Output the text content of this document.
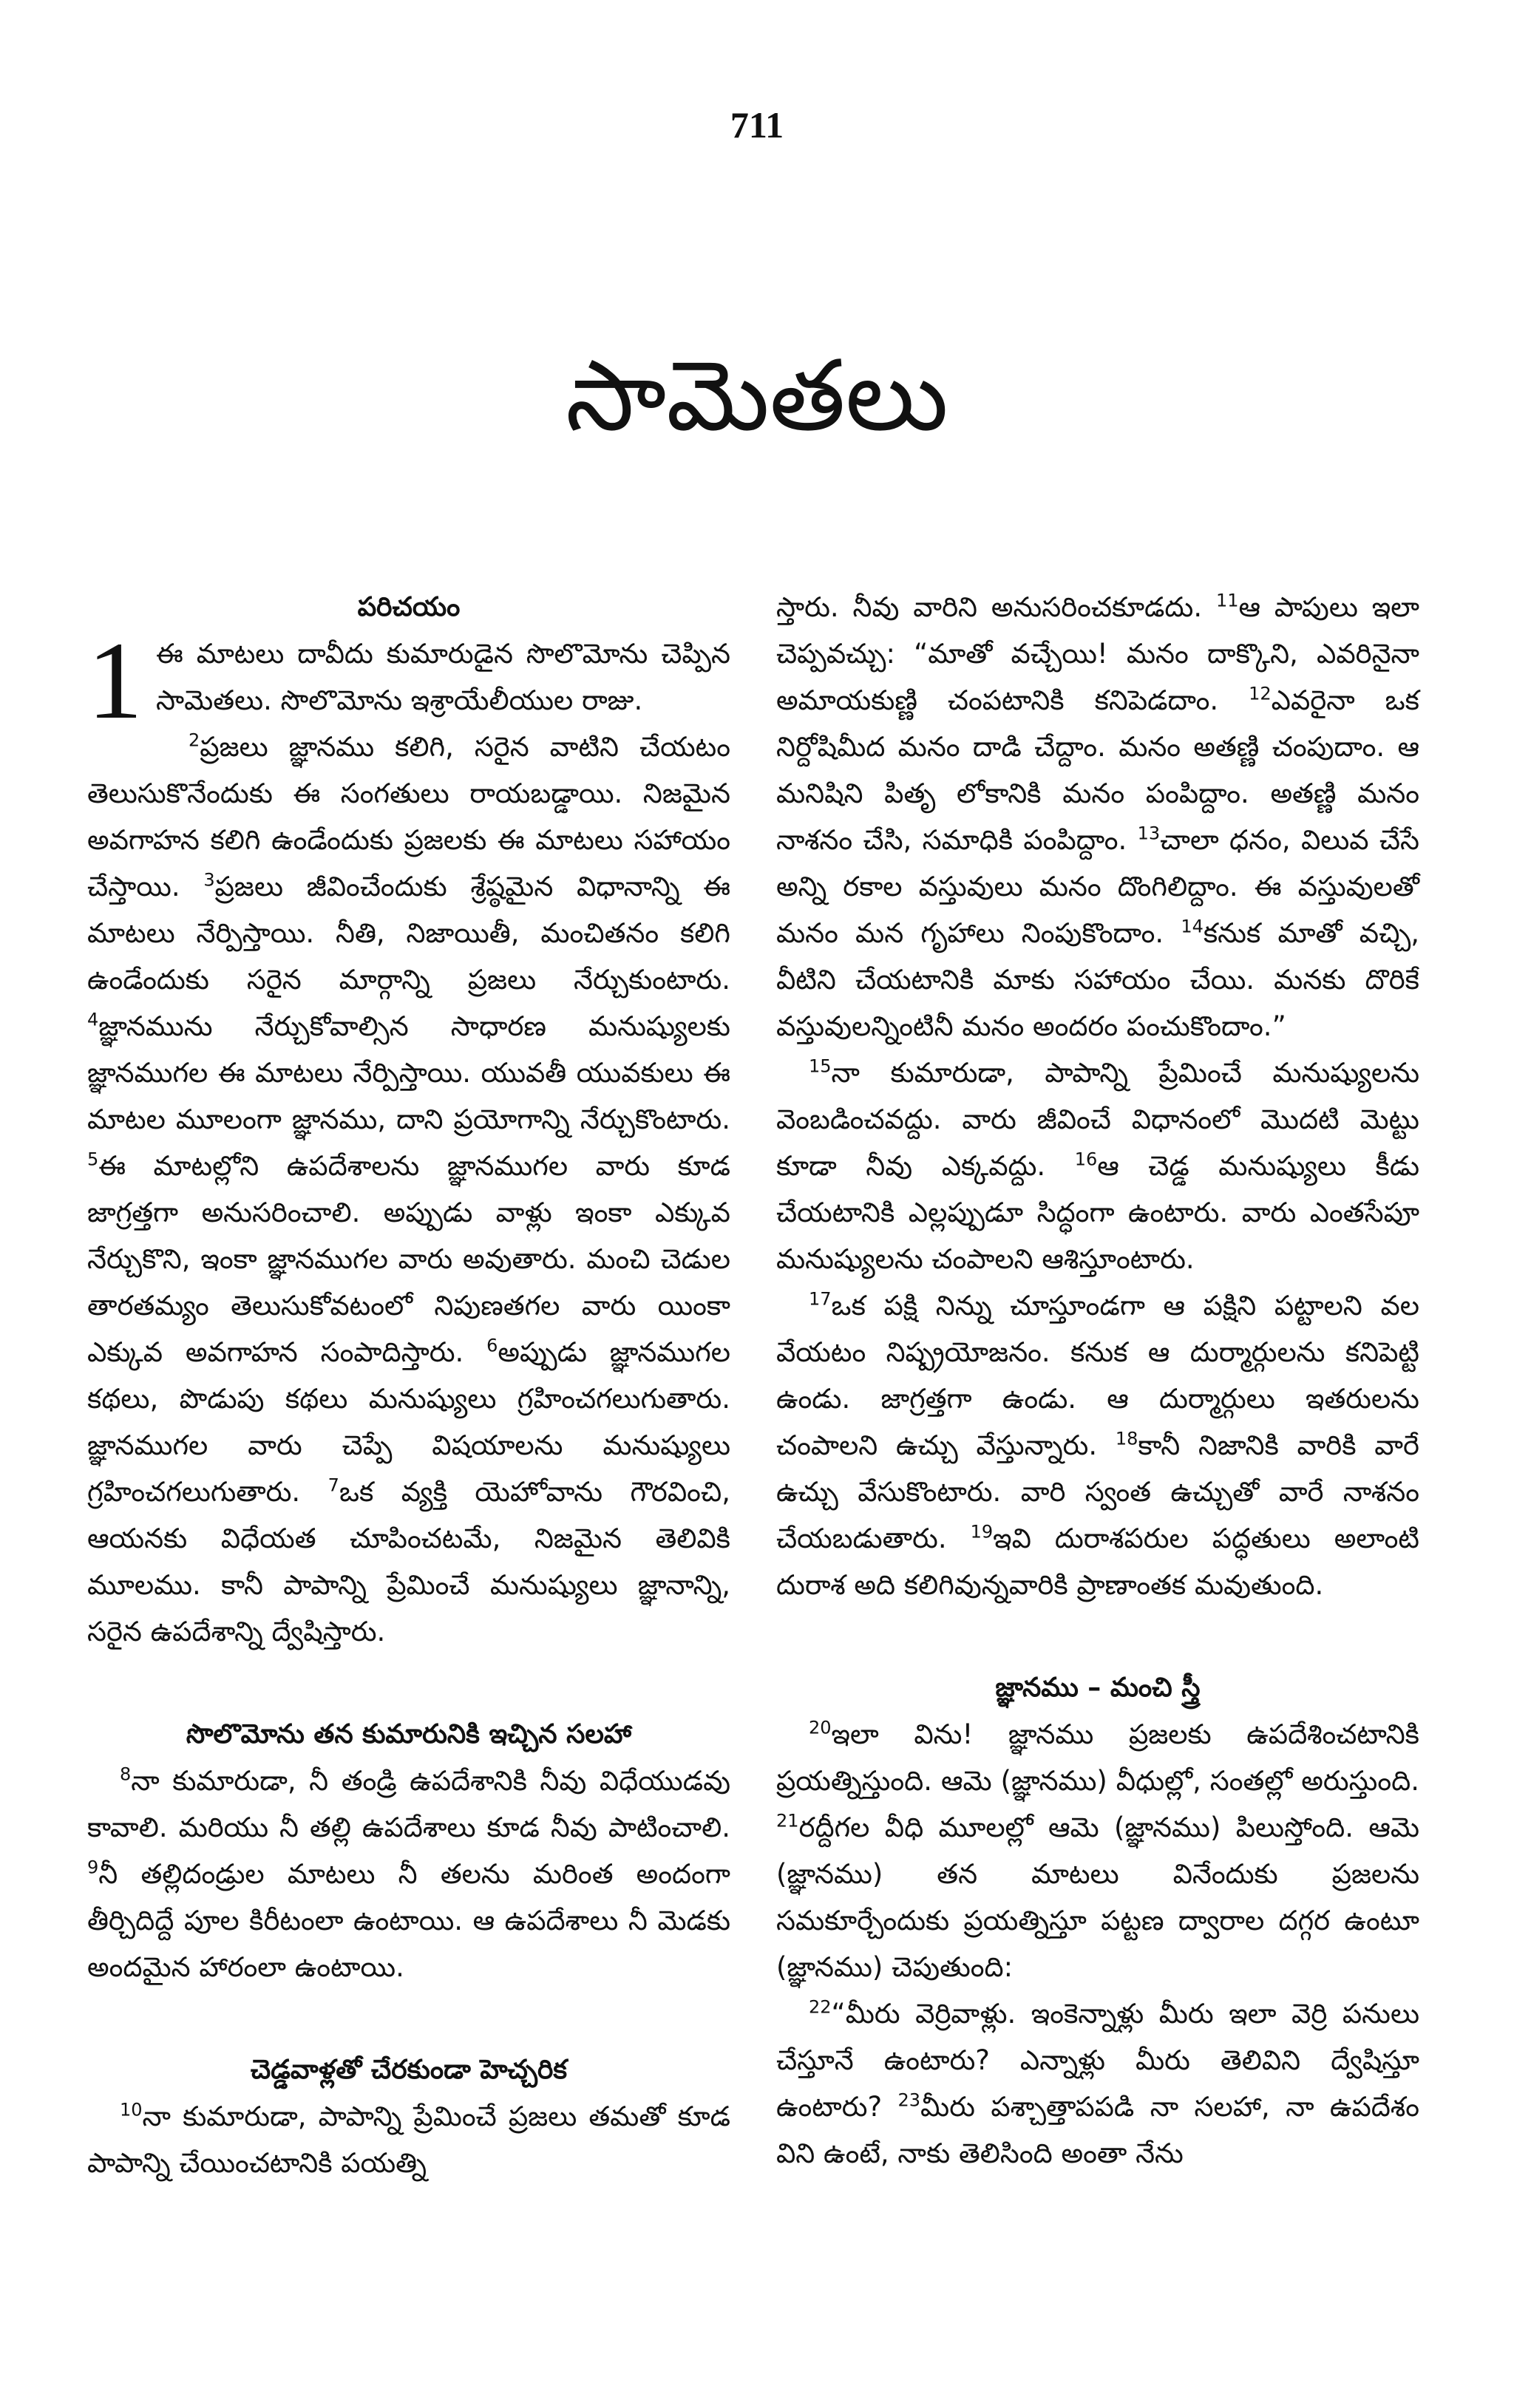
711
సామెతలు
పరిచయం

1 ఈ మాటలు దావీదు కుమారుడైన సొలొమోను చెప్పిన సామెతలు. సొలొమోను ఇశ్రాయేలీయుల రాజు.

$^2$ప్రజలు జ్ఞానము కలిగి, సరైన వాటిని చేయటం తెలుసుకొనేందుకు ఈ సంగతులు రాయబడ్డాయి. నిజమైన అవగాహన కలిగి ఉండేందుకు ప్రజలకు ఈ మాటలు సహాయం చేస్తాయి. $^3$ప్రజలు జీవించేందుకు శ్రేష్ఠమైన విధానాన్ని ఈ మాటలు నేర్పిస్తాయి. నీతి, నిజాయితీ, మంచితనం కలిగి ఉండేందుకు సరైన మార్గాన్ని ప్రజలు నేర్చుకుంటారు. $^4$జ్ఞానమును నేర్చుకోవాల్సిన సాధారణ మనుష్యులకు జ్ఞానముగల ఈ మాటలు నేర్పిస్తాయి. యువతీ యువకులు ఈ మాటల మూలంగా జ్ఞానము, దాని ప్రయోగాన్ని నేర్చుకొంటారు. $^5$ఈ మాటల్లోని ఉపదేశాలను జ్ఞానముగల వారు కూడ జాగ్రత్తగా అనుసరించాలి. అప్పుడు వాళ్లు ఇంకా ఎక్కువ నేర్చుకొని, ఇంకా జ్ఞానముగల వారు అవుతారు. మంచి చెడుల తారతమ్యం తెలుసుకోవటంలో నిపుణతగల వారు యింకా ఎక్కువ అవగాహన సంపాదిస్తారు. $^6$అప్పుడు జ్ఞానముగల కథలు, పొడుపు కథలు మనుష్యులు గ్రహించగలుగుతారు. జ్ఞానముగల వారు చెప్పే విషయాలను మనుష్యులు గ్రహించగలుగుతారు. $^7$ఒక వ్యక్తి యెహోవాను గౌరవించి, ఆయనకు విధేయత చూపించటమే, నిజమైన తెలివికి మూలము. కానీ పాపాన్ని ప్రేమించే మనుష్యులు జ్ఞానాన్ని, సరైన ఉపదేశాన్ని ద్వేషిస్తారు.

సొలొమోను తన కుమారునికి ఇచ్చిన సలహా

$^8$నా కుమారుడా, నీ తండ్రి ఉపదేశానికి నీవు విధేయుడవు కావాలి. మరియు నీ తల్లి ఉపదేశాలు కూడ నీవు పాటించాలి. $^9$నీ తల్లిదండ్రుల మాటలు నీ తలను మరింత అందంగా తీర్చిదిద్దే పూల కిరీటంలా ఉంటాయి. ఆ ఉపదేశాలు నీ మెడకు అందమైన హారంలా ఉంటాయి.

చెడ్డవాళ్లతో చేరకుండా హెచ్చరిక

$^{10}$నా కుమారుడా, పాపాన్ని ప్రేమించే ప్రజలు తమతో కూడ పాపాన్ని చేయించటానికి పయత్ని

స్తారు. నీవు వారిని అనుసరించకూడదు. $^{11}$ఆ పాపులు ఇలా చెప్పవచ్చు: “మాతో వచ్చేయి! మనం దాక్కొని, ఎవరినైనా అమాయకుణ్ణి చంపటానికి కనిపెడదాం. $^{12}$ఎవరైనా ఒక నిర్దోషిమీద మనం దాడి చేద్దాం. మనం అతణ్ణి చంపుదాం. ఆ మనిషిని పితృ లోకానికి మనం పంపిద్దాం. అతణ్ణి మనం నాశనం చేసి, సమాధికి పంపిద్దాం. $^{13}$చాలా ధనం, విలువ చేసే అన్ని రకాల వస్తువులు మనం దొంగిలిద్దాం. ఈ వస్తువులతో మనం మన గృహాలు నింపుకొందాం. $^{14}$కనుక మాతో వచ్చి, వీటిని చేయటానికి మాకు సహాయం చేయి. మనకు దొరికే వస్తువులన్నింటినీ మనం అందరం పంచుకొందాం.”

$^{15}$నా కుమారుడా, పాపాన్ని ప్రేమించే మనుష్యులను వెంబడించవద్దు. వారు జీవించే విధానంలో మొదటి మెట్టు కూడా నీవు ఎక్కవద్దు. $^{16}$ఆ చెడ్డ మనుష్యులు కీడు చేయటానికి ఎల్లప్పుడూ సిద్ధంగా ఉంటారు. వారు ఎంతసేపూ మనుష్యులను చంపాలని ఆశిస్తూంటారు.

$^{17}$ఒక పక్షి నిన్ను చూస్తూండగా ఆ పక్షిని పట్టాలని వల వేయటం నిష్ప్రయోజనం. కనుక ఆ దుర్మార్గులను కనిపెట్టి ఉండు. జాగ్రత్తగా ఉండు. ఆ దుర్మార్గులు ఇతరులను చంపాలని ఉచ్చు వేస్తున్నారు. $^{18}$కానీ నిజానికి వారికి వారే ఉచ్చు వేసుకొంటారు. వారి స్వంత ఉచ్చుతో వారే నాశనం చేయబడుతారు. $^{19}$ఇవి దురాశపరుల పద్ధతులు అలాంటి దురాశ అది కలిగివున్నవారికి ప్రాణాంతక మవుతుంది.

జ్ఞానము – మంచి స్త్రీ

$^{20}$ఇలా విను! జ్ఞానము ప్రజలకు ఉపదేశించటానికి ప్రయత్నిస్తుంది. ఆమె (జ్ఞానము) వీధుల్లో, సంతల్లో అరుస్తుంది. $^{21}$రద్దీగల వీధి మూలల్లో ఆమె (జ్ఞానము) పిలుస్తోంది. ఆమె (జ్ఞానము) తన మాటలు వినేందుకు ప్రజలను సమకూర్చేందుకు ప్రయత్నిస్తూ పట్టణ ద్వారాల దగ్గర ఉంటూ (జ్ఞానము) చెపుతుంది:

$^{22}$“మీరు వెర్రివాళ్లు. ఇంకెన్నాళ్లు మీరు ఇలా వెర్రి పనులు చేస్తూనే ఉంటారు? ఎన్నాళ్లు మీరు తెలివిని ద్వేషిస్తూ ఉంటారు? $^{23}$మీరు పశ్చాత్తాపపడి నా సలహా, నా ఉపదేశం విని ఉంటే, నాకు తెలిసింది అంతా నేను
